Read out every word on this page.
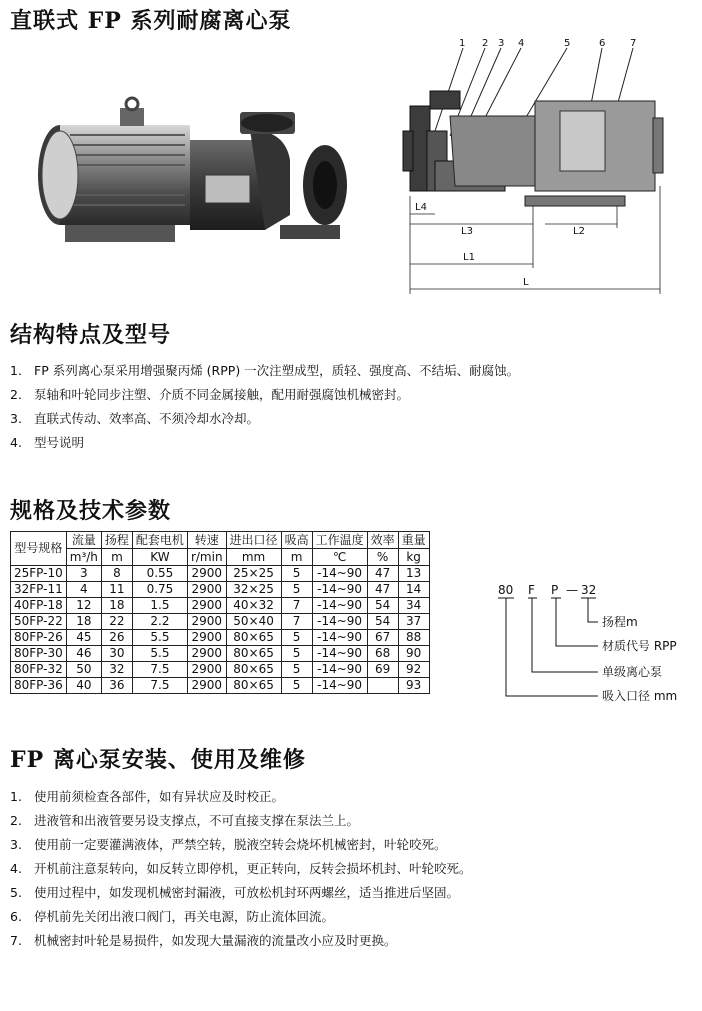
直联式 FP 系列耐腐离心泵
1 2 3 4	5	6 7
L4
L3	L2
L1
L
结构特点及型号
1. FP 系列离心泵采用增强聚丙烯 (RPP) 一次注塑成型，质轻、强度高、不结垢、耐腐蚀。
2. 泵轴和叶轮同步注塑、介质不同金属接触，配用耐强腐蚀机械密封。
3. 直联式传动、效率高、不须冷却水冷却。
4. 型号说明
规格及技术参数
型号规格	流量	扬程	配套电机	转速	进出口径	吸高	工作温度	效率	重量
	m³/h	m	KW	r/min	mm	m	℃	%	kg
25FP-10	3	8	0.55	2900	25×25	5	-14~90	47	13
32FP-11	4	11	0.75	2900	32×25	5	-14~90	47	14
40FP-18	12	18	1.5	2900	40×32	7	-14~90	54	34
50FP-22	18	22	2.2	2900	50×40	7	-14~90	54	37
80FP-26	45	26	5.5	2900	80×65	5	-14~90	67	88
80FP-30	46	30	5.5	2900	80×65	5	-14~90	68	90
80FP-32	50	32	7.5	2900	80×65	5	-14~90	69	92
80FP-36	40	36	7.5	2900	80×65	5	-14~90		93
80 F P — 32
扬程m
材质代号 RPP
单级离心泵
吸入口径 mm
FP 离心泵安装、使用及维修
1. 使用前须检查各部件，如有异状应及时校正。
2. 进液管和出液管要另设支撑点，不可直接支撑在泵法兰上。
3. 使用前一定要灌满液体，严禁空转，脱液空转会烧坏机械密封，叶轮咬死。
4. 开机前注意泵转向，如反转立即停机，更正转向，反转会损坏机封、叶轮咬死。
5. 使用过程中，如发现机械密封漏液，可放松机封环两螺丝，适当推进后坚固。
6. 停机前先关闭出液口阀门，再关电源，防止流体回流。
7. 机械密封叶轮是易损件，如发现大量漏液的流量改小应及时更换。
